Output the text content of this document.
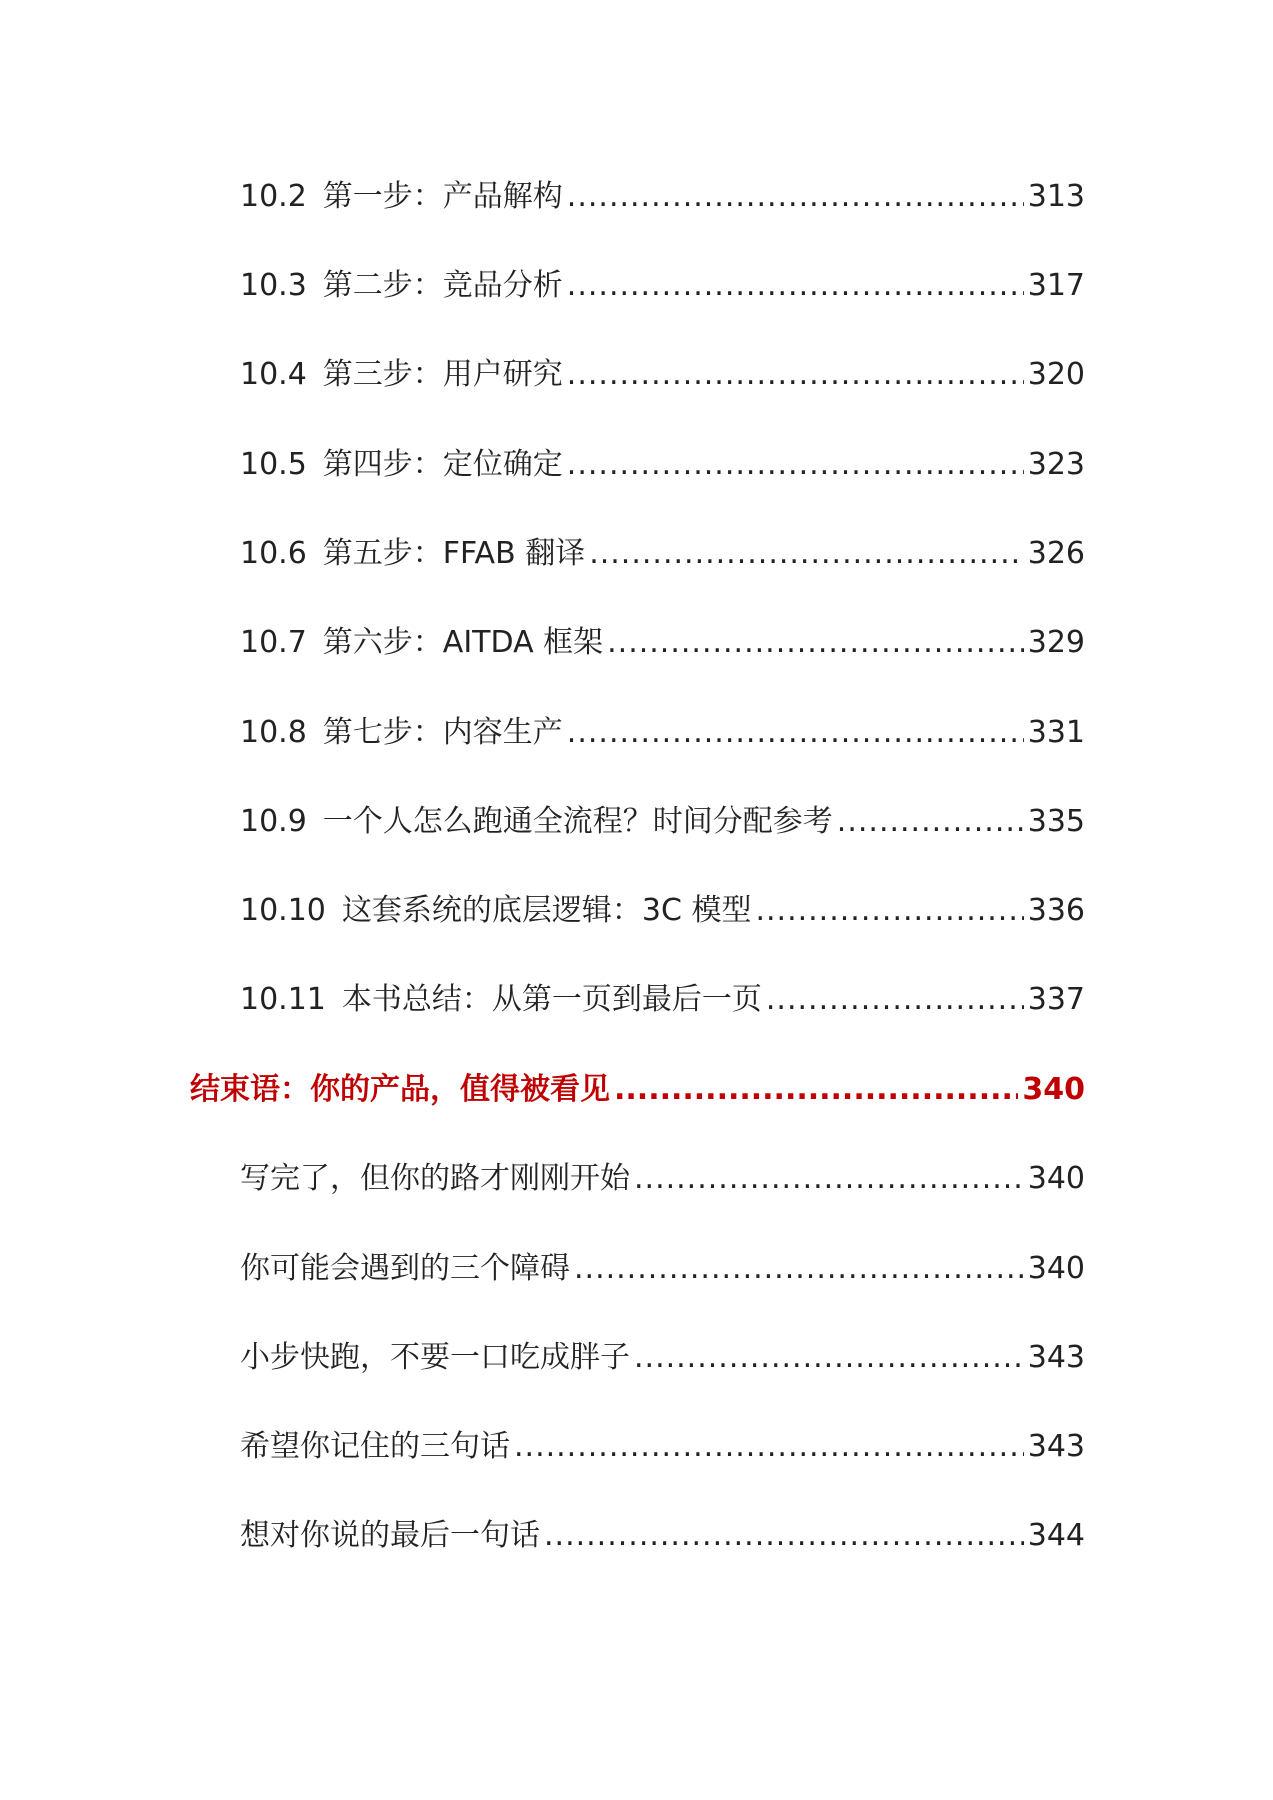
10.2 第一步：产品解构 .....	313
10.3 第二步：竞品分析 .....	317
10.4 第三步：用户研究 .....	320
10.5 第四步：定位确定 .....	323
10.6 第五步：FFAB 翻译 .....	326
10.7 第六步：AITDA 框架 .....	329
10.8 第七步：内容生产 .....	331
10.9 一个人怎么跑通全流程？时间分配参考 .....	335
10.10 这套系统的底层逻辑：3C 模型 .....	336
10.11 本书总结：从第一页到最后一页 .....	337
结束语：你的产品，值得被看见 .....	340
写完了，但你的路才刚刚开始 .....	340
你可能会遇到的三个障碍 .....	340
小步快跑，不要一口吃成胖子 .....	343
希望你记住的三句话 .....	343
想对你说的最后一句话 .....	344
